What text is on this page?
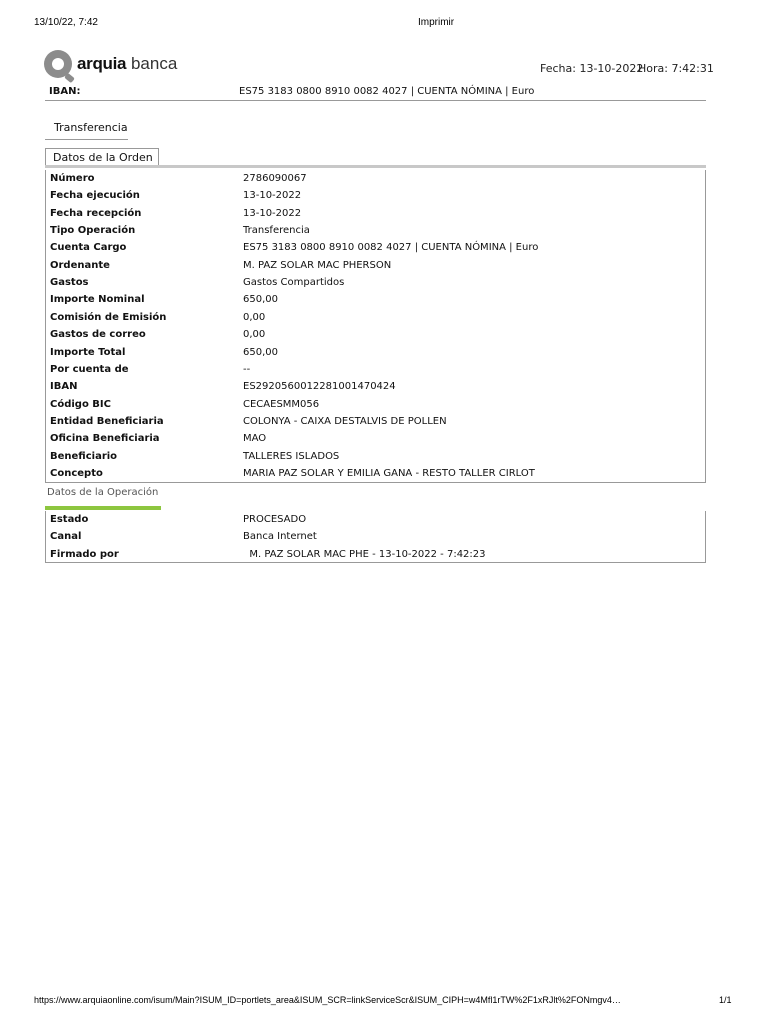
13/10/22, 7:42	Imprimir
arquia banca	Fecha: 13-10-2022
Hora: 7:42:31
IBAN:	ES75 3183 0800 8910 0082 4027 | CUENTA NÓMINA | Euro
Transferencia
Datos de la Orden
Número	2786090067
Fecha ejecución	13-10-2022
Fecha recepción	13-10-2022
Tipo Operación	Transferencia
Cuenta Cargo	ES75 3183 0800 8910 0082 4027 | CUENTA NÓMINA | Euro
Ordenante	M. PAZ SOLAR MAC PHERSON
Gastos	Gastos Compartidos
Importe Nominal	650,00
Comisión de Emisión	0,00
Gastos de correo	0,00
Importe Total	650,00
Por cuenta de	--
IBAN	ES2920560012281001470424
Código BIC	CECAESMM056
Entidad Beneficiaria	COLONYA - CAIXA DESTALVIS DE POLLEN
Oficina Beneficiaria	MAO
Beneficiario	TALLERES ISLADOS
Concepto	MARIA PAZ SOLAR Y EMILIA GANA - RESTO TALLER CIRLOT
Datos de la Operación
Estado	PROCESADO
Canal	Banca Internet
Firmado por	M. PAZ SOLAR MAC PHE - 13-10-2022 - 7:42:23
https://www.arquiaonline.com/isum/Main?ISUM_ID=portlets_area&ISUM_SCR=linkServiceScr&ISUM_CIPH=w4Mfl1rTW%2F1xRJlt%2FONmgv4…	1/1
